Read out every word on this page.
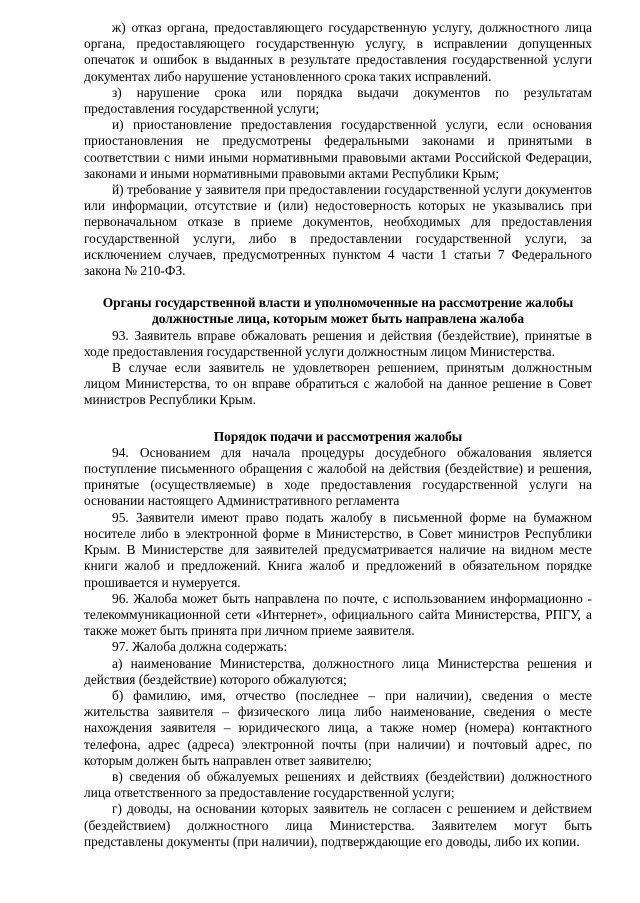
ж) отказ органа, предоставляющего государственную услугу, должностного лица органа, предоставляющего государственную услугу, в исправлении допущенных опечаток и ошибок в выданных в результате предоставления государственной услуги документах либо нарушение установленного срока таких исправлений.

з) нарушение срока или порядка выдачи документов по результатам предоставления государственной услуги;

и) приостановление предоставления государственной услуги, если основания приостановления не предусмотрены федеральными законами и принятыми в соответствии с ними иными нормативными правовыми актами Российской Федерации, законами и иными нормативными правовыми актами Республики Крым;

й) требование у заявителя при предоставлении государственной услуги документов или информации, отсутствие и (или) недостоверность которых не указывались при первоначальном отказе в приеме документов, необходимых для предоставления государственной услуги, либо в предоставлении государственной услуги, за исключением случаев, предусмотренных пунктом 4 части 1 статьи 7 Федерального закона № 210-ФЗ.

Органы государственной власти и уполномоченные на рассмотрение жалобы должностные лица, которым может быть направлена жалоба

93. Заявитель вправе обжаловать решения и действия (бездействие), принятые в ходе предоставления государственной услуги должностным лицом Министерства.

В случае если заявитель не удовлетворен решением, принятым должностным лицом Министерства, то он вправе обратиться с жалобой на данное решение в Совет министров Республики Крым.

Порядок подачи и рассмотрения жалобы

94. Основанием для начала процедуры досудебного обжалования является поступление письменного обращения с жалобой на действия (бездействие) и решения, принятые (осуществляемые) в ходе предоставления государственной услуги на основании настоящего Административного регламента

95. Заявители имеют право подать жалобу в письменной форме на бумажном носителе либо в электронной форме в Министерство, в Совет министров Республики Крым. В Министерстве для заявителей предусматривается наличие на видном месте книги жалоб и предложений. Книга жалоб и предложений в обязательном порядке прошивается и нумеруется.

96. Жалоба может быть направлена по почте, с использованием информационно - телекоммуникационной сети «Интернет», официального сайта Министерства, РПГУ, а также может быть принята при личном приеме заявителя.

97. Жалоба должна содержать:

а) наименование Министерства, должностного лица Министерства решения и действия (бездействие) которого обжалуются;

б) фамилию, имя, отчество (последнее – при наличии), сведения о месте жительства заявителя – физического лица либо наименование, сведения о месте нахождения заявителя – юридического лица, а также номер (номера) контактного телефона, адрес (адреса) электронной почты (при наличии) и почтовый адрес, по которым должен быть направлен ответ заявителю;

в) сведения об обжалуемых решениях и действиях (бездействии) должностного лица ответственного за предоставление государственной услуги;

г) доводы, на основании которых заявитель не согласен с решением и действием (бездействием) должностного лица Министерства. Заявителем могут быть представлены документы (при наличии), подтверждающие его доводы, либо их копии.
